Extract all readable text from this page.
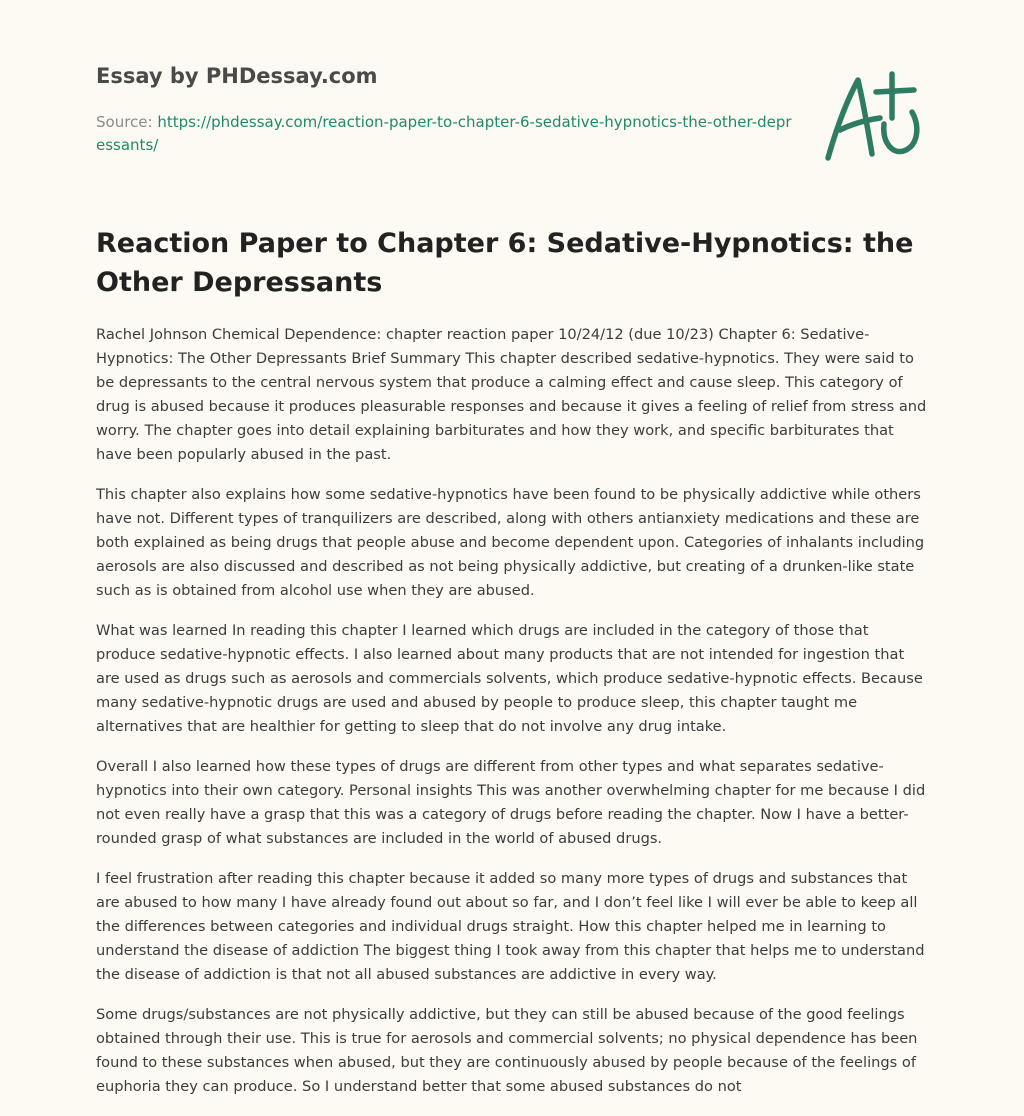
Essay by PHDessay.com
Source: https://phdessay.com/reaction-paper-to-chapter-6-sedative-hypnotics-the-other-depressants/
Reaction Paper to Chapter 6: Sedative-Hypnotics: the Other Depressants

Rachel Johnson Chemical Dependence: chapter reaction paper 10/24/12 (due 10/23) Chapter 6: Sedative-Hypnotics: The Other Depressants Brief Summary This chapter described sedative-hypnotics. They were said to be depressants to the central nervous system that produce a calming effect and cause sleep. This category of drug is abused because it produces pleasurable responses and because it gives a feeling of relief from stress and worry. The chapter goes into detail explaining barbiturates and how they work, and specific barbiturates that have been popularly abused in the past.

This chapter also explains how some sedative-hypnotics have been found to be physically addictive while others have not. Different types of tranquilizers are described, along with others antianxiety medications and these are both explained as being drugs that people abuse and become dependent upon. Categories of inhalants including aerosols are also discussed and described as not being physically addictive, but creating of a drunken-like state such as is obtained from alcohol use when they are abused.

What was learned In reading this chapter I learned which drugs are included in the category of those that produce sedative-hypnotic effects. I also learned about many products that are not intended for ingestion that are used as drugs such as aerosols and commercials solvents, which produce sedative-hypnotic effects. Because many sedative-hypnotic drugs are used and abused by people to produce sleep, this chapter taught me alternatives that are healthier for getting to sleep that do not involve any drug intake.

Overall I also learned how these types of drugs are different from other types and what separates sedative-hypnotics into their own category. Personal insights This was another overwhelming chapter for me because I did not even really have a grasp that this was a category of drugs before reading the chapter. Now I have a better-rounded grasp of what substances are included in the world of abused drugs.

I feel frustration after reading this chapter because it added so many more types of drugs and substances that are abused to how many I have already found out about so far, and I don’t feel like I will ever be able to keep all the differences between categories and individual drugs straight. How this chapter helped me in learning to understand the disease of addiction The biggest thing I took away from this chapter that helps me to understand the disease of addiction is that not all abused substances are addictive in every way.

Some drugs/substances are not physically addictive, but they can still be abused because of the good feelings obtained through their use. This is true for aerosols and commercial solvents; no physical dependence has been found to these substances when abused, but they are continuously abused by people because of the feelings of euphoria they can produce. So I understand better that some abused substances do not
